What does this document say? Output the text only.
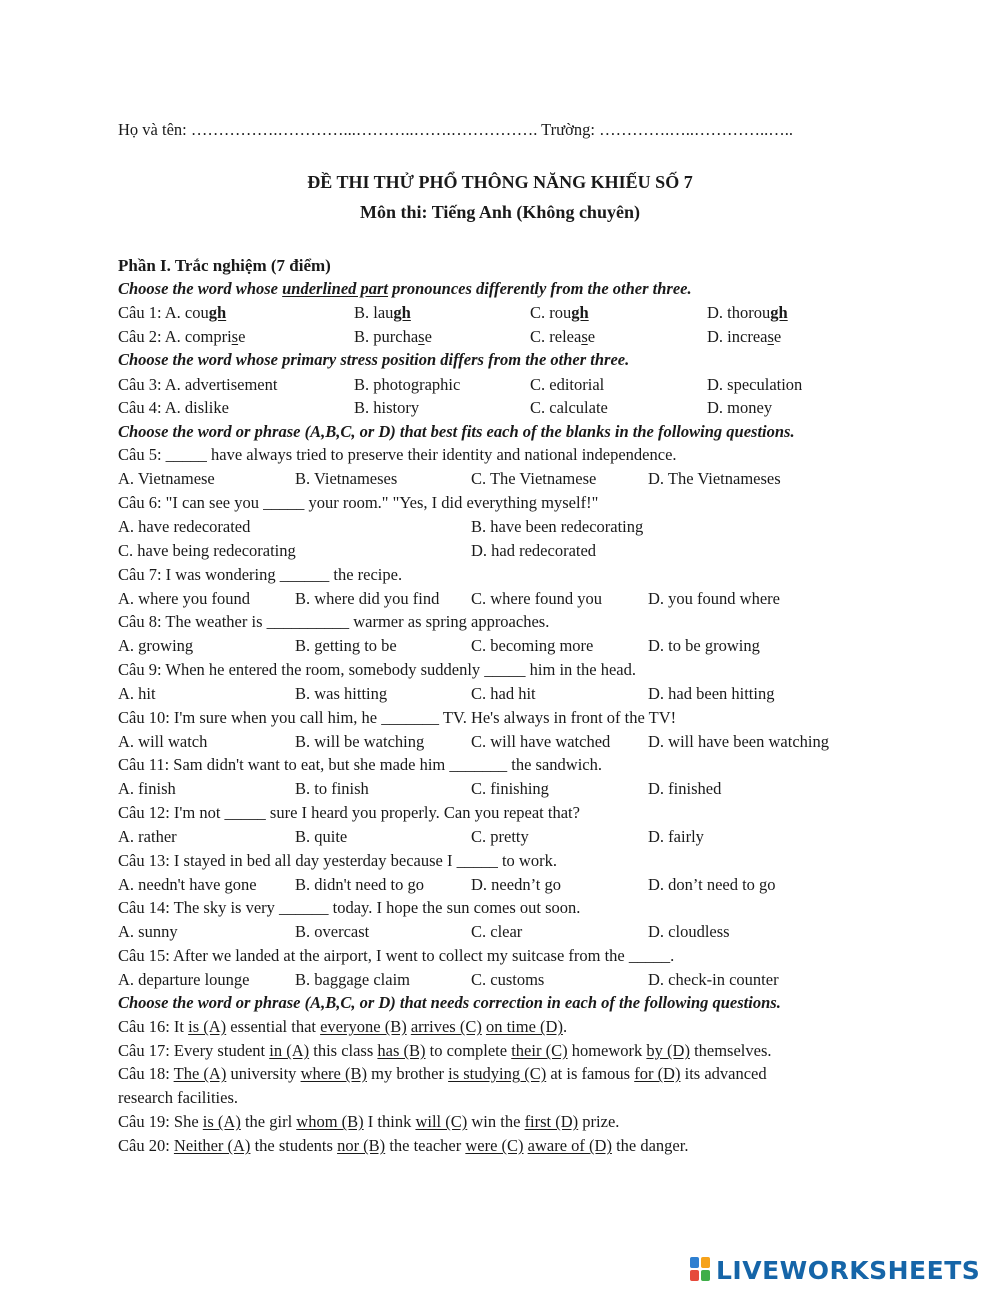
Họ và tên: …………….…………...………..…….……………. Trường: ………….…..…………..…..
ĐỀ THI THỬ PHỔ THÔNG NĂNG KHIẾU SỐ 7
Môn thi: Tiếng Anh (Không chuyên)
Phần I. Trắc nghiệm (7 điểm)
Choose the word whose underlined part pronounces differently from the other three.
Câu 1: A. cough	B. laugh	C. rough	D. thorough
Câu 2: A. comprise	B. purchase	C. release	D. increase
Choose the word whose primary stress position differs from the other three.
Câu 3: A. advertisement	B. photographic	C. editorial	D. speculation
Câu 4: A. dislike	B. history	C. calculate	D. money
Choose the word or phrase (A,B,C, or D) that best fits each of the blanks in the following questions.
Câu 5: _____ have always tried to preserve their identity and national independence.
A. Vietnamese	B. Vietnameses	C. The Vietnamese	D. The Vietnameses
Câu 6: "I can see you _____ your room." "Yes, I did everything myself!"
A. have redecorated	B. have been redecorating
C. have being redecorating	D. had redecorated
Câu 7: I was wondering ______ the recipe.
A. where you found	B. where did you find C. where found you	D. you found where
Câu 8: The weather is __________ warmer as spring approaches.
A. growing	B. getting to be	C. becoming more	D. to be growing
Câu 9: When he entered the room, somebody suddenly _____ him in the head.
A. hit	B. was hitting	C. had hit	D. had been hitting
Câu 10: I'm sure when you call him, he _______ TV. He's always in front of the TV!
A. will watch	B. will be watching	C. will have watched D. will have been watching
Câu 11: Sam didn't want to eat, but she made him _______ the sandwich.
A. finish	B. to finish	C. finishing	D. finished
Câu 12: I'm not _____ sure I heard you properly. Can you repeat that?
A. rather	B. quite	C. pretty	D. fairly
Câu 13: I stayed in bed all day yesterday because I _____ to work.
A. needn't have gone B. didn't need to go	D. needn’t go	D. don’t need to go
Câu 14: The sky is very ______ today. I hope the sun comes out soon.
A. sunny	B. overcast	C. clear	D. cloudless
Câu 15: After we landed at the airport, I went to collect my suitcase from the _____.
A. departure lounge	B. baggage claim	C. customs	D. check-in counter
Choose the word or phrase (A,B,C, or D) that needs correction in each of the following questions.
Câu 16: It is (A) essential that everyone (B) arrives (C) on time (D).
Câu 17: Every student in (A) this class has (B) to complete their (C) homework by (D) themselves.
Câu 18: The (A) university where (B) my brother is studying (C) at is famous for (D) its advanced
research facilities.
Câu 19: She is (A) the girl whom (B) I think will (C) win the first (D) prize.
Câu 20: Neither (A) the students nor (B) the teacher were (C) aware of (D) the danger.
LIVEWORKSHEETS
